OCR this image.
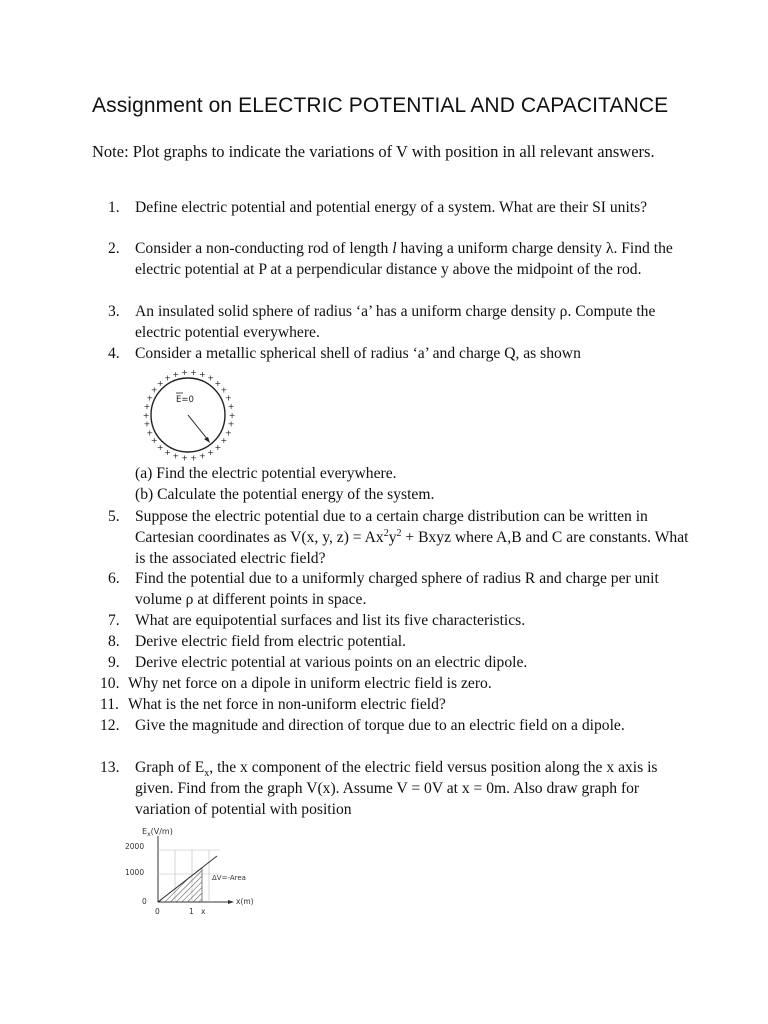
Assignment on ELECTRIC POTENTIAL AND CAPACITANCE
Note: Plot graphs to indicate the variations of V with position in all relevant answers.
1. Define electric potential and potential energy of a system. What are their SI units?
2. Consider a non-conducting rod of length l having a uniform charge density λ. Find the electric potential at P at a perpendicular distance y above the midpoint of the rod.
3. An insulated solid sphere of radius ‘a’ has a uniform charge density ρ. Compute the electric potential everywhere.
4. Consider a metallic spherical shell of radius ‘a’ and charge Q, as shown
5. Suppose the electric potential due to a certain charge distribution can be written in Cartesian coordinates as V(x, y, $z) = Ax^2y^2$ + Bxyz where A,B and C are constants. What is the associated electric field?
6. Find the potential due to a uniformly charged sphere of radius R and charge per unit volume ρ at different points in space.
7. What are equipotential surfaces and list its five characteristics.
8. Derive electric field from electric potential.
9. Derive electric potential at various points on an electric dipole.
10. Why net force on a dipole in uniform electric field is zero.
11. What is the net force in non-uniform electric field?
12. Give the magnitude and direction of torque due to an electric field on a dipole.
13. Graph of $E_x$, the x component of the electric field versus position along the x axis is given. Find from the graph V(x). Assume V = 0V at x = 0m. Also draw graph for variation of potential with position
+
+
+
+
+
+
+
+
+
+
+
+
+
+
+
+
+
+
+
+
+ + + + + +
+
+
+
+
E=0
(a) Find the electric potential everywhere.
(b) Calculate the potential energy of the system.
$E_x(V/m)$
2000
1000
0
0	1 x
x(m)
ΔV=-Area
